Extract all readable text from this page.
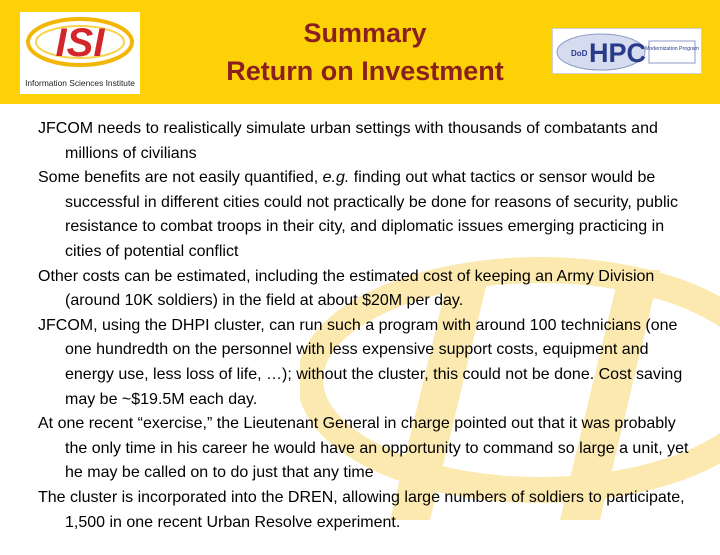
ISI
Information Sciences Institute
Summary
Return on Investment
DoD HPC Modernization Program

JFCOM needs to realistically simulate urban settings with thousands of combatants and millions of civilians

Some benefits are not easily quantified, e.g. finding out what tactics or sensor would be successful in different cities could not practically be done for reasons of security, public resistance to combat troops in their city, and diplomatic issues emerging practicing in cities of potential conflict

Other costs can be estimated, including the estimated cost of keeping an Army Division (around 10K soldiers) in the field at about $20M per day.

JFCOM, using the DHPI cluster, can run such a program with around 100 technicians (one one hundredth on the personnel with less expensive support costs, equipment and energy use, less loss of life, …); without the cluster, this could not be done. Cost saving may be ~$19.5M each day.

At one recent “exercise,” the Lieutenant General in charge pointed out that it was probably the only time in his career he would have an opportunity to command so large a unit, yet he may be called on to do just that any time

The cluster is incorporated into the DREN, allowing large numbers of soldiers to participate, 1,500 in one recent Urban Resolve experiment.
